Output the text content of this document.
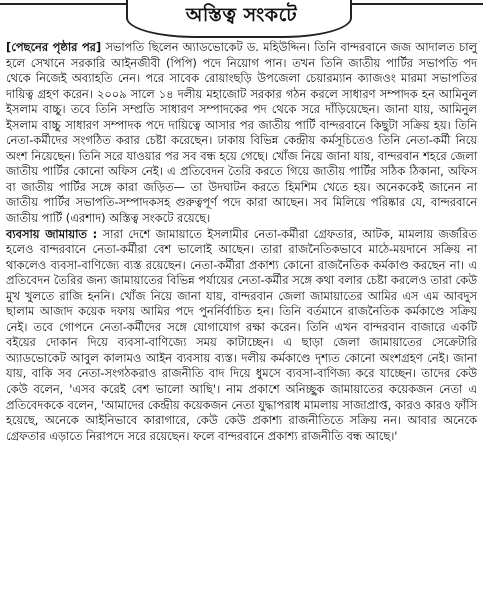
অস্তিত্ব সংকটে

[পেছনের পৃষ্ঠার পর] সভাপতি ছিলেন অ্যাডভোকেট ড. মহিউদ্দিন। তিনি বান্দরবানে জজ আদালত চালু হলে সেখানে সরকারি আইনজীবী (পিপি) পদে নিয়োগ পান। তখন তিনি জাতীয় পার্টির সভাপতি পদ থেকে নিজেই অব্যাহতি নেন। পরে সাবেক রোয়াংছড়ি উপজেলা চেয়ারম্যান ক্যাজওং মারমা সভাপতির দায়িত্ব গ্রহণ করেন। ২০০৯ সালে ১৪ দলীয় মহাজোট সরকার গঠন করলে সাধারণ সম্পাদক হন আমিনুল ইসলাম বাচ্চু। তবে তিনি সম্প্রতি সাধারণ সম্পাদকের পদ থেকে সরে দাঁড়িয়েছেন। জানা যায়, আমিনুল ইসলাম বাচ্চু সাধারণ সম্পাদক পদে দায়িত্বে আসার পর জাতীয় পার্টি বান্দরবানে কিছুটা সক্রিয় হয়। তিনি নেতা-কর্মীদের সংগঠিত করার চেষ্টা করেছেন। ঢাকায় বিভিন্ন কেন্দ্রীয় কর্মসূচিতেও তিনি নেতা-কর্মী নিয়ে অংশ নিয়েছেন। তিনি সরে যাওয়ার পর সব বন্ধ হয়ে গেছে। খোঁজ নিয়ে জানা যায়, বান্দরবান শহরে জেলা জাতীয় পার্টির কোনো অফিস নেই। এ প্রতিবেদন তৈরি করতে গিয়ে জাতীয় পার্টির সঠিক ঠিকানা, অফিস বা জাতীয় পার্টির সঙ্গে কারা জড়িত— তা উদঘাটন করতে হিমশিম খেতে হয়। অনেককেই জানেন না জাতীয় পার্টির সভাপতি-সম্পাদকসহ গুরুত্বপূর্ণ পদে কারা আছেন। সব মিলিয়ে পরিষ্কার যে, বান্দরবানে জাতীয় পার্টি (এরশাদ) অস্তিত্ব সংকটে রয়েছে।

ব্যবসায় জামায়াত : সারা দেশে জামায়াতে ইসলামীর নেতা-কর্মীরা গ্রেফতার, আটক, মামলায় জর্জরিত হলেও বান্দরবানে নেতা-কর্মীরা বেশ ভালোই আছেন। তারা রাজনৈতিকভাবে মাঠে-ময়দানে সক্রিয় না থাকলেও ব্যবসা-বাণিজ্যে ব্যস্ত রয়েছেন। নেতা-কর্মীরা প্রকাশ্য কোনো রাজনৈতিক কর্মকাণ্ড করছেন না। এ প্রতিবেদন তৈরির জন্য জামায়াতের বিভিন্ন পর্যায়ের নেতা-কর্মীর সঙ্গে কথা বলার চেষ্টা করলেও তারা কেউ মুখ খুলতে রাজি হননি। খোঁজ নিয়ে জানা যায়, বান্দরবান জেলা জামায়াতের আমির এস এম আবদুস ছালাম আজাদ কয়েক দফায় আমির পদে পুনর্নির্বাচিত হন। তিনি বর্তমানে রাজনৈতিক কর্মকাণ্ডে সক্রিয় নেই। তবে গোপনে নেতা-কর্মীদের সঙ্গে যোগাযোগ রক্ষা করেন। তিনি এখন বান্দরবান বাজারে একটি বইয়ের দোকান দিয়ে ব্যবসা-বাণিজ্যে সময় কাটাচ্ছেন। এ ছাড়া জেলা জামায়াতের সেক্রেটারি অ্যাডভোকেট আবুল কালামও আইন ব্যবসায় ব্যস্ত। দলীয় কর্মকাণ্ডে দৃশ্যত কোনো অংশগ্রহণ নেই। জানা যায়, বাকি সব নেতা-সংগঠকরাও রাজনীতি বাদ দিয়ে ধুমসে ব্যবসা-বাণিজ্য করে যাচ্ছেন। তাদের কেউ কেউ বলেন, 'এসব করেই বেশ ভালো আছি'। নাম প্রকাশে অনিচ্ছুক জামায়াতের কয়েকজন নেতা এ প্রতিবেদককে বলেন, 'আমাদের কেন্দ্রীয় কয়েকজন নেতা যুদ্ধাপরাধ মামলায় সাজাপ্রাপ্ত, কারও কারও ফাঁসি হয়েছে, অনেকে আইনিভাবে কারাগারে, কেউ কেউ প্রকাশ্য রাজনীতিতে সক্রিয় নন। আবার অনেকে গ্রেফতার এড়াতে নিরাপদে সরে রয়েছেন। ফলে বান্দরবানে প্রকাশ্য রাজনীতি বন্ধ আছে।'
